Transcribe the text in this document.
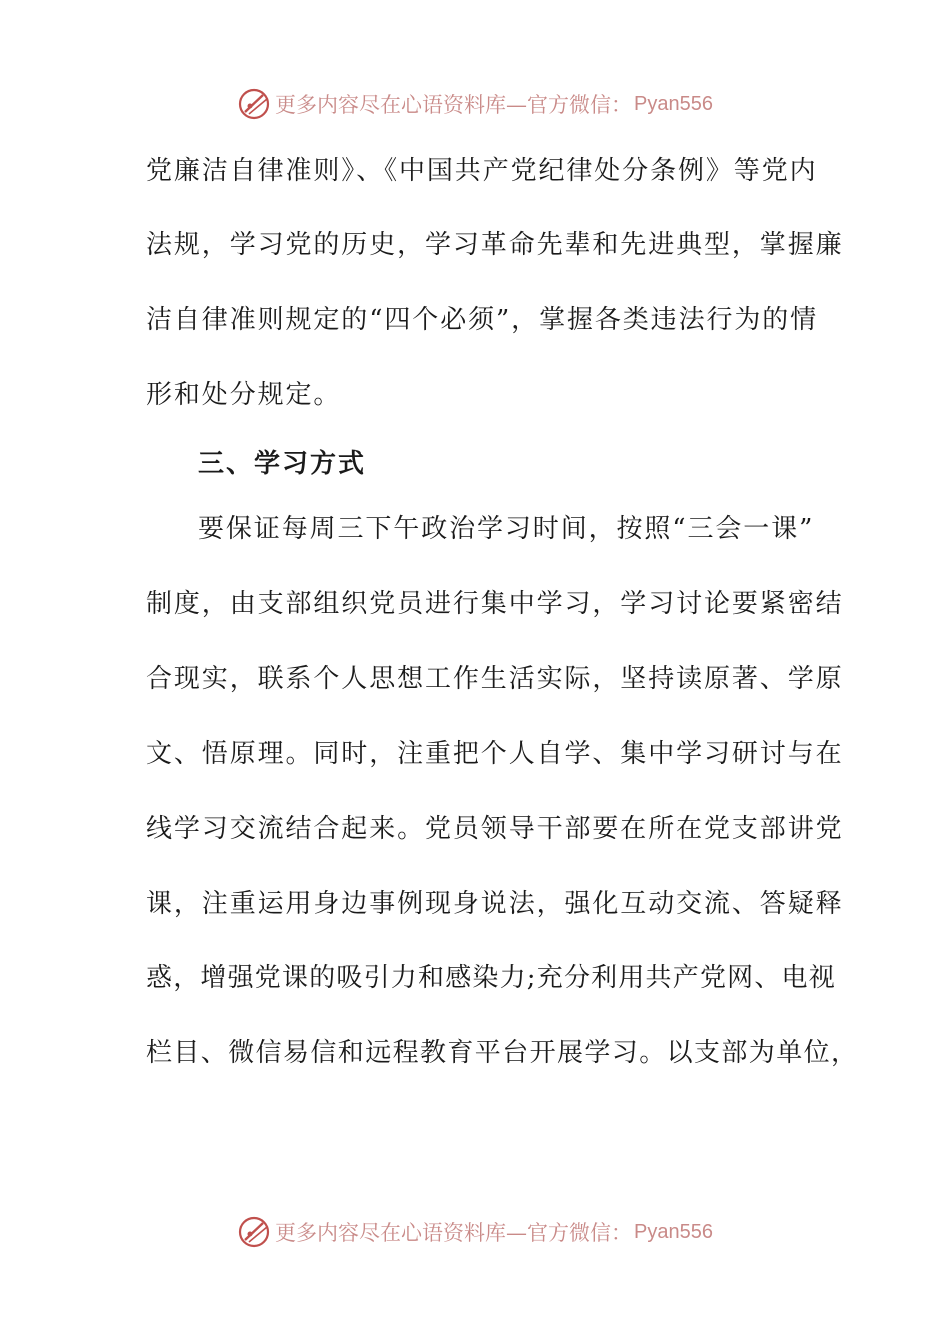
更多内容尽在心语资料库—官方微信： Pyan556
党廉洁自律准则》、《中国共产党纪律处分条例》等党内
法规，学习党的历史，学习革命先辈和先进典型，掌握廉
洁自律准则规定的“四个必须”，掌握各类违法行为的情
形和处分规定。
三、学习方式
要保证每周三下午政治学习时间，按照“三会一课”
制度，由支部组织党员进行集中学习，学习讨论要紧密结
合现实，联系个人思想工作生活实际，坚持读原著、学原
文、悟原理。同时，注重把个人自学、集中学习研讨与在
线学习交流结合起来。党员领导干部要在所在党支部讲党
课，注重运用身边事例现身说法，强化互动交流、答疑释
惑，增强党课的吸引力和感染力;充分利用共产党网、电视
栏目、微信易信和远程教育平台开展学习。以支部为单位，
更多内容尽在心语资料库—官方微信： Pyan556
